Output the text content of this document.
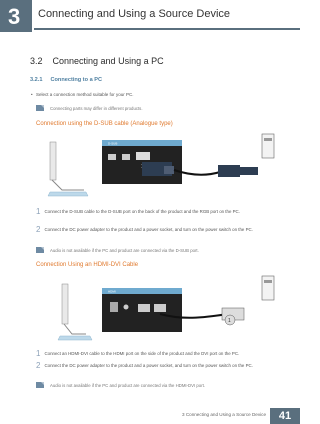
3 Connecting and Using a Source Device
3.2 Connecting and Using a PC
3.2.1 Connecting to a PC
• Select a connection method suitable for your PC.
Connecting parts may differ in different products.
Connection using the D-SUB cable (Analogue type)
D-SUB
1 Connect the D-SUB cable to the D-SUB port on the back of the product and the RGB port on the PC.
2 Connect the DC power adapter to the product and a power socket, and turn on the power switch on the PC.
Audio is not available if the PC and product are connected via the D-SUB port.
Connection Using an HDMI-DVI Cable
HDMI
1
1 Connect an HDMI-DVI cable to the HDMI port on the side of the product and the DVI port on the PC.
2 Connect the DC power adapter to the product and a power socket, and turn on the power switch on the PC.
Audio is not available if the PC and product are connected via the HDMI-DVI port.
3 Connecting and Using a Source Device	41
